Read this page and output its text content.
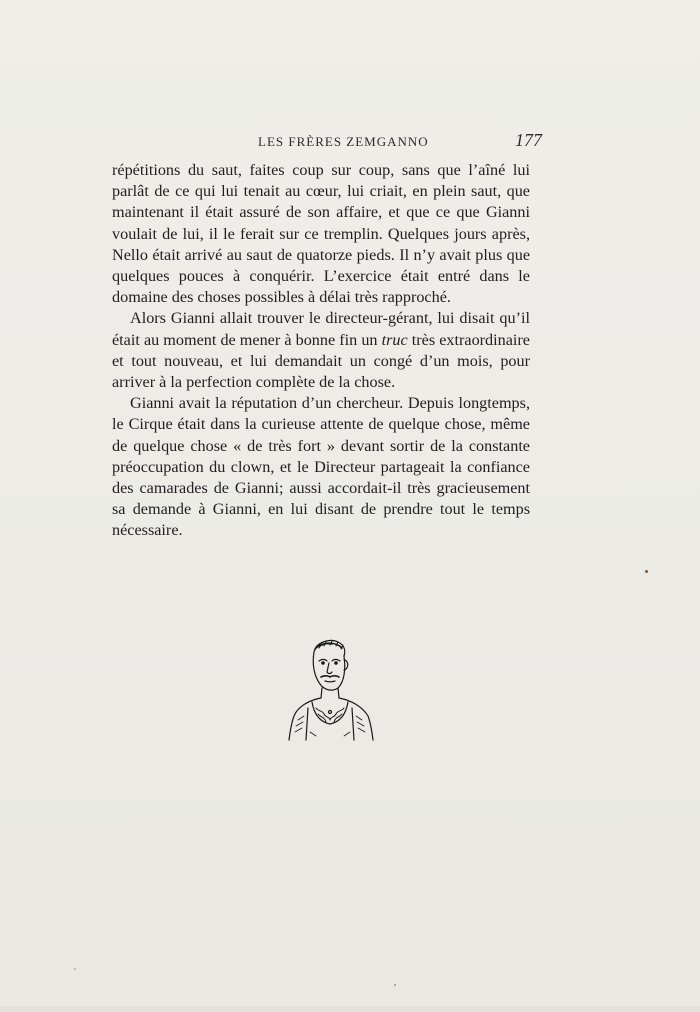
LES FRÈRES ZEMGANNO	177

répétitions du saut, faites coup sur coup, sans que l’aîné lui parlât de ce qui lui tenait au cœur, lui criait, en plein saut, que maintenant il était assuré de son affaire, et que ce que Gianni voulait de lui, il le ferait sur ce tremplin. Quelques jours après, Nello était arrivé au saut de quatorze pieds. Il n’y avait plus que quelques pouces à conquérir. L’exercice était entré dans le domaine des choses possibles à délai très rapproché.

Alors Gianni allait trouver le directeur-gérant, lui disait qu’il était au moment de mener à bonne fin un truc très extraordinaire et tout nouveau, et lui demandait un congé d’un mois, pour arriver à la perfection complète de la chose.

Gianni avait la réputation d’un chercheur. Depuis longtemps, le Cirque était dans la curieuse attente de quelque chose, même de quelque chose « de très fort » devant sortir de la constante préoccupation du clown, et le Directeur partageait la confiance des camarades de Gianni; aussi accordait-il très gracieusement sa demande à Gianni, en lui disant de prendre tout le temps nécessaire.
